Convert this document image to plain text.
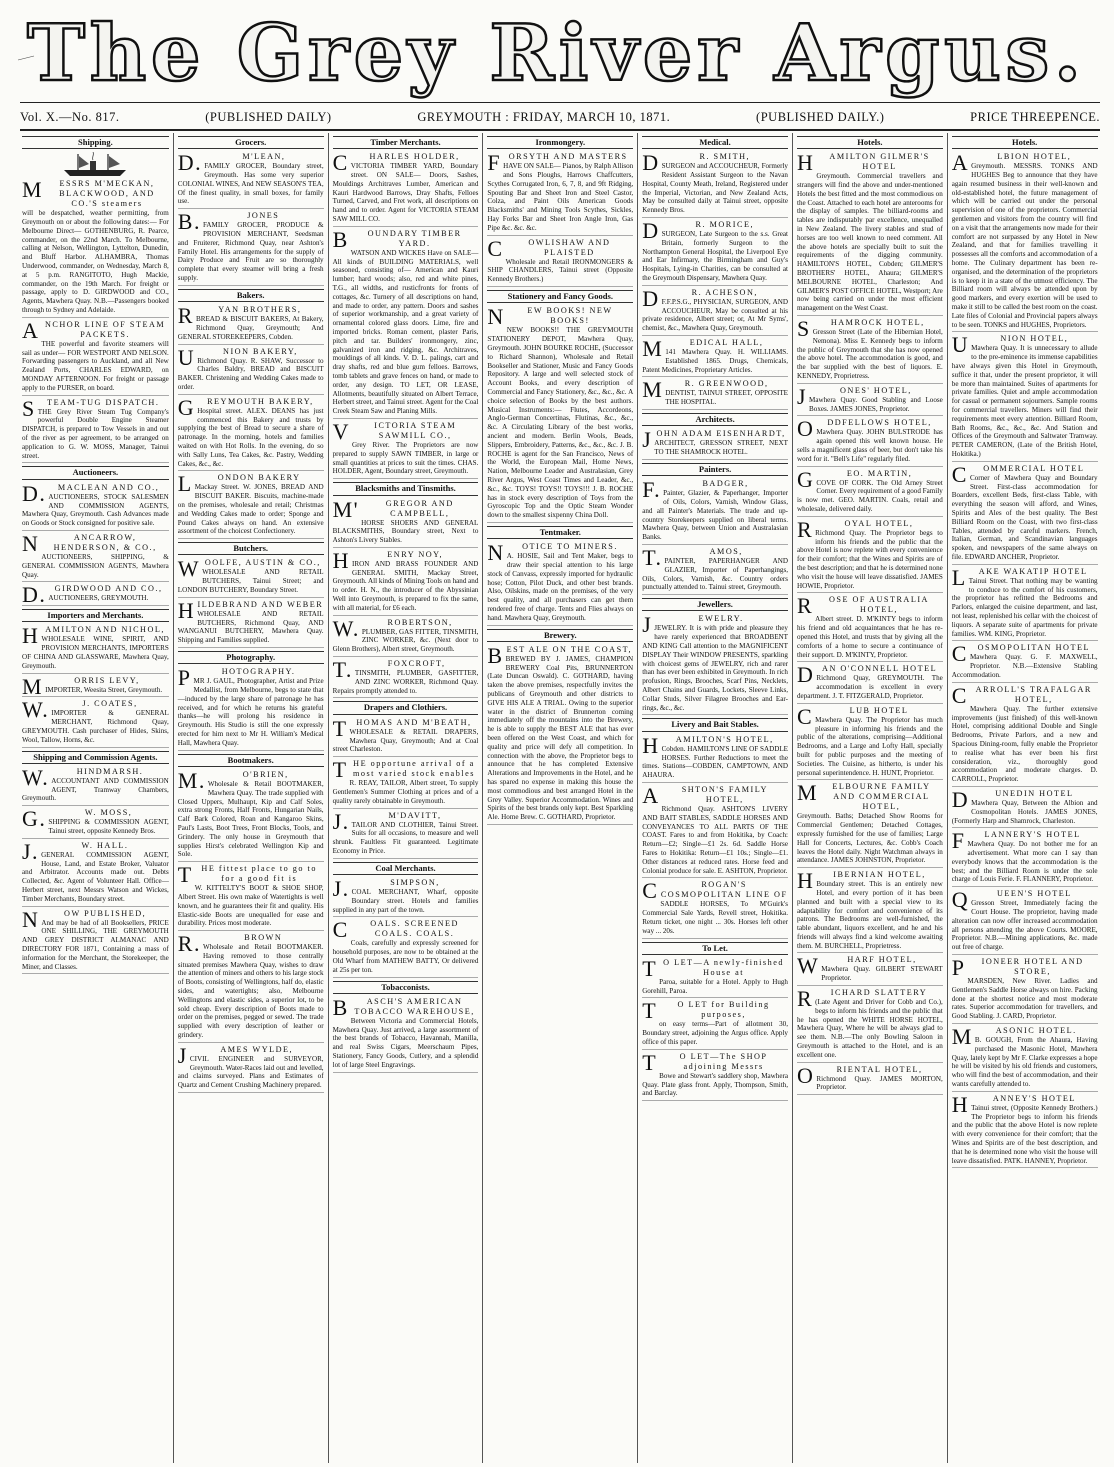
The Grey River Argus.
Vol. X.—No. 817.	(PUBLISHED DAILY)	GREYMOUTH : FRIDAY, MARCH 10, 1871.	(PUBLISHED DAILY.)	PRICE THREEPENCE.
Shipping.

MESSRS M'MECKAN, BLACKWOOD, AND CO.'S steamers

will be despatched, weather permitting, from Greymouth on or about the following dates:— For Melbourne Direct— GOTHENBURG, R. Pearce, commander, on the 22nd March. To Melbourne, calling at Nelson, Wellington, Lyttelton, Dunedin, and Bluff Harbor. ALHAMBRA, Thomas Underwood, commander, on Wednesday, March 8, at 5 p.m. RANGITOTO, Hugh Mackie, commander, on the 19th March. For freight or passage, apply to D. GIRDWOOD and CO., Agents, Mawhera Quay. N.B.—Passengers booked through to Sydney and Adelaide.

ANCHOR LINE OF STEAM PACKETS.

THE powerful and favorite steamers will sail as under— FOR WESTPORT AND NELSON. Forwarding passengers to Auckland, and all New Zealand Ports, CHARLES EDWARD, on MONDAY AFTERNOON. For freight or passage apply to the PURSER, on board.

STEAM-TUG DISPATCH.

THE Grey River Steam Tug Company's powerful Double Engine Steamer DISPATCH, is prepared to Tow Vessels in and out of the river as per agreement, to be arranged on application to G. W. MOSS, Manager, Tainui street.

Auctioneers.

D.MACLEAN AND CO.,

AUCTIONEERS, STOCK SALESMEN AND COMMISSION AGENTS, Mawhera Quay, Greymouth. Cash Advances made on Goods or Stock consigned for positive sale.

NANCARROW, HENDERSON, & CO.,

AUCTIONEERS, SHIPPING, & GENERAL COMMISSION AGENTS, Mawhera Quay.

D.GIRDWOOD AND CO.,

AUCTIONEERS, GREYMOUTH.

Importers and Merchants.

HAMILTON AND NICHOL,

WHOLESALE WINE, SPIRIT, AND PROVISION MERCHANTS, IMPORTERS OF CHINA AND GLASSWARE, Mawhera Quay, Greymouth.

MORRIS LEVY,

IMPORTER, Weesita Street, Greymouth.

W.J. COATES,

IMPORTER & GENERAL MERCHANT, Richmond Quay, GREYMOUTH. Cash purchaser of Hides, Skins, Wool, Tallow, Horns, &c.

Shipping and Commission Agents.

W.HINDMARSH.

ACCOUNTANT AND COMMISSION AGENT, Tramway Chambers, Greymouth.

G.W. MOSS,

SHIPPING & COMMISSION AGENT, Tainui street, opposite Kennedy Bros.

J.W. HALL.

GENERAL COMMISSION AGENT, House, Land, and Estate Broker, Valuator and Arbitrator. Accounts made out. Debts Collected, &c. Agent of Volunteer Hall. Office—Herbert street, next Messrs Watson and Wickes, Timber Merchants, Boundary street.

NOW PUBLISHED,

And may be had of all Booksellers, PRICE ONE SHILLING, THE GREYMOUTH AND GREY DISTRICT ALMANAC AND DIRECTORY FOR 1871, Containing a mass of information for the Merchant, the Storekeeper, the Miner, and Classes.

Grocers.

D.M'LEAN,

FAMILY GROCER, Boundary street, Greymouth. Has some very superior COLONIAL WINES, And NEW SEASON'S TEA, Of the finest quality, in small boxes, for family use.

B.JONES

FAMILY GROCER, PRODUCE & PROVISION MERCHANT, Seedsman and Fruiterer, Richmond Quay, near Ashton's Family Hotel. His arrangements for the supply of Dairy Produce and Fruit are so thoroughly complete that every steamer will bring a fresh supply.

Bakers.

RYAN BROTHERS,

BREAD & BISCUIT BAKERS, At Bakery, Richmond Quay, Greymouth; And GENERAL STOREKEEPERS, Cobden.

UNION BAKERY,

Richmond Quay. R. SHAW, Successor to Charles Baldry, BREAD and BISCUIT BAKER. Christening and Wedding Cakes made to order.

GREYMOUTH BAKERY,

Hospital street. ALEX. DEANS has just commenced this Bakery and trusts by supplying the best of Bread to secure a share of patronage. In the morning, hotels and families waited on with Hot Rolls. In the evening, do so with Sally Luns, Tea Cakes, &c. Pastry, Wedding Cakes, &c., &c.

LONDON BAKERY

Mackay Street. W. JONES, BREAD AND BISCUIT BAKER. Biscuits, machine-made on the premises, wholesale and retail; Christmas and Wedding Cakes made to order; Sponge and Pound Cakes always on hand. An extensive assortment of the choicest Confectionery.

Butchers.

WOOLFE, AUSTIN & CO.,

WHOLESALE AND RETAIL BUTCHERS, Tainui Street; and LONDON BUTCHERY, Boundary Street.

HILDEBRAND AND WEBER

WHOLESALE AND RETAIL BUTCHERS, Richmond Quay, AND WANGANUI BUTCHERY, Mawhera Quay. Shipping and Families supplied.

Photography.

PHOTOGRAPHY.

MR J. GAUL, Photographer, Artist and Prize Medallist, from Melbourne, begs to state that—induced by the large share of patronage he has received, and for which he returns his grateful thanks—he will prolong his residence in Greymouth. His Studio is still the one expressly erected for him next to Mr H. William's Medical Hall, Mawhera Quay.

Bootmakers.

M.O'BRIEN,

Wholesale & Retail BOOTMAKER, Mawhera Quay. The trade supplied with Closed Uppers, Mulhaupt, Kip and Calf Soles, extra strong Fronts, Half Fronts, Hungarian Nails, Calf Bark Colored, Roan and Kangaroo Skins, Paul's Lasts, Boot Trees, Front Blocks, Tools, and Grindery. The only house in Greymouth that supplies Hirst's celebrated Wellington Kip and Sole.

THE fittest place to go to for a good fit is

W. KITTELTY'S BOOT & SHOE SHOP, Albert Street. His own make of Watertights is well known, and he guarantees their fit and quality. His Elastic-side Boots are unequalled for ease and durability. Prices most moderate.

R.BROWN

Wholesale and Retail BOOTMAKER. Having removed to those centrally situated premises Mawhera Quay, wishes to draw the attention of miners and others to his large stock of Boots, consisting of Wellingtons, half do, elastic sides, and watertights; also, Melbourne Wellingtons and elastic sides, a superior lot, to be sold cheap. Every description of Boots made to order on the premises, pegged or sewed. The trade supplied with every description of leather or grindery.

JAMES WYLDE,

CIVIL ENGINEER and SURVEYOR, Greymouth. Water-Races laid out and levelled, and claims surveyed. Plans and Estimates of Quartz and Cement Crushing Machinery prepared.

Timber Merchants.

CHARLES HOLDER,

VICTORIA TIMBER YARD, Boundary street. ON SALE— Doors, Sashes, Mouldings Architraves Lumber, American and Kauri Hardwood Barrows, Dray Shafts, Felloes Turned, Carved, and Fret work, all descriptions on hand and to order. Agent for VICTORIA STEAM SAW MILL CO.

BOUNDARY TIMBER YARD.

WATSON AND WICKES Have on SALE— All kinds of BUILDING MATERIALS, well seasoned, consisting of— American and Kauri lumber; hard woods; also, red and white pines, T.G., all widths, and rusticfronts for fronts of cottages, &c. Turnery of all descriptions on hand, and made to order, any pattern. Doors and sashes of superior workmanship, and a great variety of ornamental colored glass doors. Lime, fire and imported bricks. Roman cement, plaster Paris, pitch and tar. Builders' ironmongery, zinc, galvanized iron and ridging, &c. Architraves, mouldings of all kinds. V. D. L. palings, cart and dray shafts, red and blue gum felloes. Barrows, tomb tablets and grave fences on hand, or made to order, any design. TO LET, OR LEASE, Allotments, beautifully situated on Albert Terrace, Herbert street, and Tainui street. Agent for the Coal Creek Steam Saw and Planing Mills.

VICTORIA STEAM SAWMILL CO.,

Grey River. The Proprietors are now prepared to supply SAWN TIMBER, in large or small quantities at prices to suit the times. CHAS. HOLDER, Agent, Boundary street, Greymouth.

Blacksmiths and Tinsmiths.

M'GREGOR AND CAMPBELL,

HORSE SHOERS AND GENERAL BLACKSMITHS, Boundary street, Next to Ashton's Livery Stables.

HENRY NOY,

IRON AND BRASS FOUNDER AND GENERAL SMITH, Mackay Street, Greymouth. All kinds of Mining Tools on hand and to order. H. N., the introducer of the Abyssinian Well into Greymouth, is prepared to fix the same, with all material, for £6 each.

W.ROBERTSON,

PLUMBER, GAS FITTER, TINSMITH, ZINC WORKER, &c. (Next door to Glenn Brothers), Albert street, Greymouth.

T.FOXCROFT,

TINSMITH, PLUMBER, GASFITTER, AND ZINC WORKER, Richmond Quay. Repairs promptly attended to.

Drapers and Clothiers.

THOMAS AND M'BEATH,

WHOLESALE & RETAIL DRAPERS, Mawhera Quay, Greymouth; And at Coal street Charleston.

THE opportune arrival of a most varied stock enables

R. REAY, TAILOR, Albert street, To supply Gentlemen's Summer Clothing at prices and of a quality rarely obtainable in Greymouth.

J.M'DAVITT,

TAILOR AND CLOTHIER, Tainui Street. Suits for all occasions, to measure and well shrunk. Faultless Fit guaranteed. Legitimate Economy in Price.

Coal Merchants.

J.SIMPSON,

COAL MERCHANT, Wharf, opposite Boundary street. Hotels and families supplied in any part of the town.

COALS. SCREENED COALS. COALS.

Coals, carefully and expressly screened for household purposes, are now to be obtained at the Old Wharf from MATHEW BATTY, Or delivered at 25s per ton.

Tobacconists.

BASCH'S AMERICAN TOBACCO WAREHOUSE,

Between Victoria and Commercial Hotels, Mawhera Quay. Just arrived, a large assortment of the best brands of Tobacco, Havannah, Manilla, and real Swiss Cigars, Meerschaum Pipes, Stationery, Fancy Goods, Cutlery, and a splendid lot of large Steel Engravings.

Ironmongery.

FORSYTH AND MASTERS

HAVE ON SALE— Pianos, by Ralph Allison and Sons Ploughs, Harrows Chaffcutters, Scythes Corrugated Iron, 6, 7, 8, and 9ft Ridging, Spouting Bar and Sheet Iron and Steel Castor, Colza, and Paint Oils American Goods Blacksmiths' and Mining Tools Scythes, Sickles, Hay Forks Bar and Sheet Iron Angle Iron, Gas Pipe &c. &c. &c.

COWLISHAW AND PLAISTED

Wholesale and Retail IRONMONGERS & SHIP CHANDLERS, Tainui street (Opposite Kennedy Brothers.)

Stationery and Fancy Goods.

NEW BOOKS! NEW BOOKS!

NEW BOOKS!! THE GREYMOUTH STATIONERY DEPOT, Mawhera Quay, Greymouth. JOHN BOURKE ROCHE, (Successor to Richard Shannon), Wholesale and Retail Bookseller and Stationer, Music and Fancy Goods Repository. A large and well selected stock of Account Books, and every description of Commercial and Fancy Stationery, &c., &c., &c. A choice selection of Books by the best authors. Musical Instruments:— Flutes, Accordeons, Anglo-German Concertinas, Flutinas, &c., &c., &c. A Circulating Library of the best works, ancient and modern. Berlin Wools, Beads, Slippers, Embroidery, Patterns, &c., &c., &c. J. B. ROCHE is agent for the San Francisco, News of the World, the European Mail, Home News, Nation, Melbourne Leader and Australasian, Grey River Argus, West Coast Times and Leader, &c., &c., &c. TOYS! TOYS!! TOYS!!! J. B. ROCHE has in stock every description of Toys from the Gyroscopic Top and the Optic Steam Wonder down to the smallest sixpenny China Doll.

Tentmaker.

NOTICE TO MINERS.

A. HOSIE, Sail and Tent Maker, begs to draw their special attention to his large stock of Canvass, expressly imported for hydraulic hose; Cotton, Pilot Duck, and other best brands. Also, Oilskins, made on the premises, of the very best quality, and all purchasers can get them rendered free of charge. Tents and Flies always on hand. Mawhera Quay, Greymouth.

Brewery.

BEST ALE ON THE COAST,

BREWED BY J. JAMES, CHAMPION BREWERY Coal Pits, BRUNNERTON (Late Duncan Oswald). C. GOTHARD, having taken the above premises, respectfully invites the publicans of Greymouth and other districts to GIVE HIS ALE A TRIAL. Owing to the superior water in the district of Brunnerton coming immediately off the mountains into the Brewery, he is able to supply the BEST ALE that has ever been offered on the West Coast, and which for quality and price will defy all competition. In connection with the above, the Proprietor begs to announce that he has completed Extensive Alterations and Improvements in the Hotel, and he has spared no expense in making this house the most commodious and best arranged Hotel in the Grey Valley. Superior Accommodation. Wines and Spirits of the best brands only kept. Best Sparkling Ale. Home Brew. C. GOTHARD, Proprietor.

Medical.

DR. SMITH,

SURGEON and ACCOUCHEUR, Formerly Resident Assistant Surgeon to the Navan Hospital, County Meath, Ireland, Registered under the Imperial, Victorian, and New Zealand Acts, May be consulted daily at Tainui street, opposite Kennedy Bros.

DR. MORICE,

SURGEON, Late Surgeon to the s.s. Great Britain, formerly Surgeon to the Northampton General Hospital, the Liverpool Eye and Ear Infirmary, the Birmingham and Guy's Hospitals, Lying-in Charities, can be consulted at the Greymouth Dispensary, Mawhera Quay.

DR. ACHESON,

F.F.P.S.G., PHYSICIAN, SURGEON, AND ACCOUCHEUR, May be consulted at his private residence, Albert street; or, At Mr Syms', chemist, &c., Mawhera Quay, Greymouth.

MEDICAL HALL,

141 Mawhera Quay. H. WILLIAMS. Established 1865. Drugs, Chemicals, Patent Medicines, Proprietary Articles.

MR. GREENWOOD,

DENTIST, TAINUI STREET, OPPOSITE THE HOSPITAL.

Architects.

JOHN ADAM EISENHARDT,

ARCHITECT, GRESSON STREET, NEXT TO THE SHAMROCK HOTEL.

Painters.

F.BADGER,

Painter, Glazier, & Paperhanger, Importer of Oils, Colors, Varnish, Window Glass, and all Painter's Materials. The trade and up-country Storekeepers supplied on liberal terms. Mawhera Quay, between Union and Australasian Banks.

T.AMOS,

PAINTER, PAPERHANGER AND GLAZIER, Importer of Paperhangings, Oils, Colors, Varnish, &c. Country orders punctually attended to. Tainui street, Greymouth.

Jewellers.

JEWELRY.

JEWELRY. It is with pride and pleasure they have rarely experienced that BROADBENT AND KING Call attention to the MAGNIFICENT DISPLAY Their WINDOW PRESENTS, sparkling with choicest gems of JEWELRY, rich and rarer than has ever been exhibited in Greymouth. In rich profusion, Rings, Brooches, Scarf Pins, Necklets, Albert Chains and Guards, Lockets, Sleeve Links, Collar Studs, Silver Filagree Brooches and Ear-rings, &c., &c.

Livery and Bait Stables.

HAMILTON'S HOTEL,

Cobden. HAMILTON'S LINE OF SADDLE HORSES. Further Reductions to meet the times. Stations—COBDEN, CAMPTOWN, AND AHAURA.

ASHTON'S FAMILY HOTEL,

Richmond Quay. ASHTON'S LIVERY AND BAIT STABLES, SADDLE HORSES AND CONVEYANCES TO ALL PARTS OF THE COAST. Fares to and from Hokitika, by Coach: Return—£2; Single—£1 2s. 6d. Saddle Horse Fares to Hokitika: Return—£1 10s.; Single—£1. Other distances at reduced rates. Horse feed and Colonial produce for sale. E. ASHTON, Proprietor.

CROGAN'S COSMOPOLITAN LINE OF

SADDLE HORSES, To M'Guirk's Commercial Sale Yards, Revell street, Hokitika. Return ticket, one night ... 30s. Horses left other way ... 20s.

To Let.

TO LET—A newly-finished House at

Paroa, suitable for a Hotel. Apply to Hugh Gorehill, Paroa.

TO LET for Building purposes,

on easy terms—Part of allotment 30, Boundary street, adjoining the Argus office. Apply office of this paper.

TO LET—The SHOP adjoining Messrs

Bowe and Stewart's saddlery shop, Mawhera Quay. Plate glass front. Apply, Thompson, Smith, and Barclay.

Hotels.

HAMILTON GILMER'S HOTEL

Greymouth. Commercial travellers and strangers will find the above and under-mentioned Hotels the best fitted and the most commodious on the Coast. Attached to each hotel are anterooms for the display of samples. The billiard-rooms and tables are indisputably par excellence, unequalled in New Zealand. The livery stables and stud of horses are too well known to need comment. All the above hotels are specially built to suit the requirements of the digging community. HAMILTON'S HOTEL, Cobden; GILMER'S BROTHERS' HOTEL, Ahaura; GILMER'S MELBOURNE HOTEL, Charleston; And GILMER'S POST OFFICE HOTEL, Westport; Are now being carried on under the most efficient management on the West Coast.

SHAMROCK HOTEL,

Gresson Street (Late of the Hibernian Hotel, Nemona). Miss E. Kennedy begs to inform the public of Greymouth that she has now opened the above hotel. The accommodation is good, and the bar supplied with the best of liquors. E. KENNEDY, Proprietress.

JONES' HOTEL,

Mawhera Quay. Good Stabling and Loose Boxes. JAMES JONES, Proprietor.

ODDFELLOWS HOTEL,

Mawhera Quay. JOHN BULSTRODE has again opened this well known house. He sells a magnificent glass of beer, but don't take his word for it. "Bell's Life" regularly filed.

GEO. MARTIN,

COVE OF CORK. The Old Arney Street Corner. Every requirement of a good Family is now met. GEO. MARTIN. Coals, retail and wholesale, delivered daily.

ROYAL HOTEL,

Richmond Quay. The Proprietor begs to inform his friends and the public that the above Hotel is now replete with every convenience for their comfort; that the Wines and Spirits are of the best description; and that he is determined none who visit the house will leave dissatisfied. JAMES HOWIE, Proprietor.

ROSE OF AUSTRALIA HOTEL,

Albert street. D. M'KINTY begs to inform his friend and old acquaintances that he has re-opened this Hotel, and trusts that by giving all the comforts of a home to secure a continuance of their support. D. M'KINTY, Proprietor.

DAN O'CONNELL HOTEL

Richmond Quay, GREYMOUTH. The accommodation is excellent in every department. J. T. FITZGERALD, Proprietor.

CLUB HOTEL

Mawhera Quay. The Proprietor has much pleasure in informing his friends and the public of the alterations, comprising—Additional Bedrooms, and a Large and Lofty Hall, specially built for public purposes and the meeting of Societies. The Cuisine, as hitherto, is under his personal superintendence. H. HUNT, Proprietor.

MELBOURNE FAMILY AND COMMERCIAL HOTEL,

Greymouth. Baths; Detached Show Rooms for Commercial Gentlemen; Detached Cottages, expressly furnished for the use of families; Large Hall for Concerts, Lectures, &c. Cobb's Coach leaves the Hotel daily. Night Watchman always in attendance. JAMES JOHNSTON, Proprietor.

HIBERNIAN HOTEL,

Boundary street. This is an entirely new Hotel, and every portion of it has been planned and built with a special view to its adaptability for comfort and convenience of its patrons. The Bedrooms are well-furnished, the table abundant, liquors excellent, and he and his friends will always find a kind welcome awaiting them. M. BURCHELL, Proprietress.

WHARF HOTEL,

Mawhera Quay. GILBERT STEWART Proprietor.

RICHARD SLATTERY

(Late Agent and Driver for Cobb and Co.), begs to inform his friends and the public that he has opened the WHITE HORSE HOTEL, Mawhera Quay, Where he will be always glad to see them. N.B.—The only Bowling Saloon in Greymouth is attached to the Hotel, and is an excellent one.

ORIENTAL HOTEL,

Richmond Quay. JAMES MORTON, Proprietor.

Hotels.

ALBION HOTEL,

Greymouth. MESSRS. TONKS AND HUGHES Beg to announce that they have again resumed business in their well-known and old-established hotel, the future management of which will be carried out under the personal supervision of one of the proprietors. Commercial gentlemen and visitors from the country will find on a visit that the arrangements now made for their comfort are not surpassed by any Hotel in New Zealand, and that for families travelling it possesses all the comforts and accommodation of a home. The Culinary department has been re-organised, and the determination of the proprietors is to keep it in a state of the utmost efficiency. The Billiard room will always be attended upon by good markers, and every exertion will be used to make it still to be called the best room on the coast. Late files of Colonial and Provincial papers always to be seen. TONKS and HUGHES, Proprietors.

UNION HOTEL,

Mawhera Quay. It is unnecessary to allude to the pre-eminence its immense capabilities have always given this Hotel in Greymouth, suffice it that, under the present proprietor, it will be more than maintained. Suites of apartments for private families. Quiet and ample accommodation for casual or permanent sojourners. Sample rooms for commercial travellers. Miners will find their requirements meet every attention. Billiard Room, Bath Rooms, &c., &c., &c. And Station and Offices of the Greymouth and Saltwater Tramway. PETER CAMERON, (Late of the British Hotel, Hokitika.)

COMMERCIAL HOTEL

Corner of Mawhera Quay and Boundary Street. First-class accommodation for Boarders, excellent Beds, first-class Table, with everything the season will afford, and Wines, Spirits and Ales of the best quality. The Best Billiard Room on the Coast, with two first-class Tables, attended by careful markers. French, Italian, German, and Scandinavian languages spoken, and newspapers of the same always on file. EDWARD ANCHER, Proprietor.

LAKE WAKATIP HOTEL

Tainui Street. That nothing may be wanting to conduce to the comfort of his customers, the proprietor has refitted the Bedrooms and Parlors, enlarged the cuisine department, and last, not least, replenished his cellar with the choicest of liquors. A separate suite of apartments for private families. WM. KING, Proprietor.

COSMOPOLITAN HOTEL

Mawhera Quay. G. F. MAXWELL, Proprietor. N.B.—Extensive Stabling Accommodation.

CARROLL'S TRAFALGAR HOTEL,

Mawhera Quay. The further extensive improvements (just finished) of this well-known Hotel, comprising additional Double and Single Bedrooms, Private Parlors, and a new and Spacious Dining-room, fully enable the Proprietor to realise what has ever been his first consideration, viz., thoroughly good accommodation and moderate charges. D. CARROLL, Proprietor.

DUNEDIN HOTEL

Mawhera Quay, Between the Albion and Cosmopolitan Hotels. JAMES JONES, (Formerly Harp and Shamrock, Charleston.

FLANNERY'S HOTEL

Mawhera Quay. Do not bother me for an advertisement. What more can I say than everybody knows that the accommodation is the best; and the Billiard Room is under the sole charge of Louis Ferie. F. FLANNERY, Proprietor.

QUEEN'S HOTEL

Gresson Street, Immediately facing the Court House. The proprietor, having made alteration can now offer increased accommodation all persons attending the above Courts. MOORE, Proprietor. N.B.—Mining applications, &c. made out free of charge.

PIONEER HOTEL AND STORE,

MARSDEN, New River. Ladies and Gentlemen's Saddle Horse always on hire. Packing done at the shortest notice and most moderate rates. Superior accommodation for travellers, and Good Stabling. J. CARD, Proprietor.

MASONIC HOTEL.

B. GOUGH, From the Ahaura, Having purchased the Masonic Hotel, Mawhera Quay, lately kept by Mr F. Clarke expresses a hope he will be visited by his old friends and customers, who will find the best of accommodation, and their wants carefully attended to.

HANNEY'S HOTEL

Tainui street, (Opposite Kennedy Brothers.) The Proprietor begs to inform his friends and the public that the above Hotel is now replete with every convenience for their comfort; that the Wines and Spirits are of the best description, and that he is determined none who visit the house will leave dissatisfied. PATK. HANNEY, Proprietor.
